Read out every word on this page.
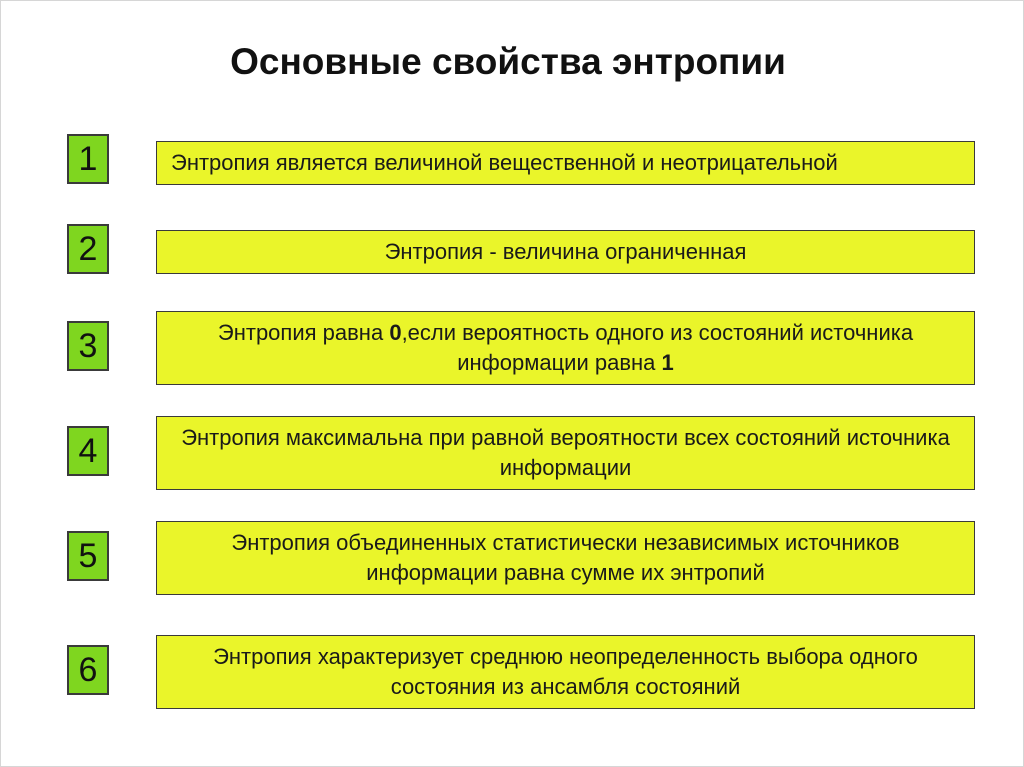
Основные свойства энтропии
1	Энтропия является величиной вещественной и неотрицательной
2	Энтропия - величина ограниченная
3	Энтропия равна 0,если вероятность одного из состояний источника информации равна 1
4	Энтропия максимальна при равной вероятности всех состояний источника информации
5	Энтропия объединенных статистически независимых источников информации равна сумме их энтропий
6	Энтропия характеризует среднюю неопределенность выбора одного состояния из ансамбля состояний
